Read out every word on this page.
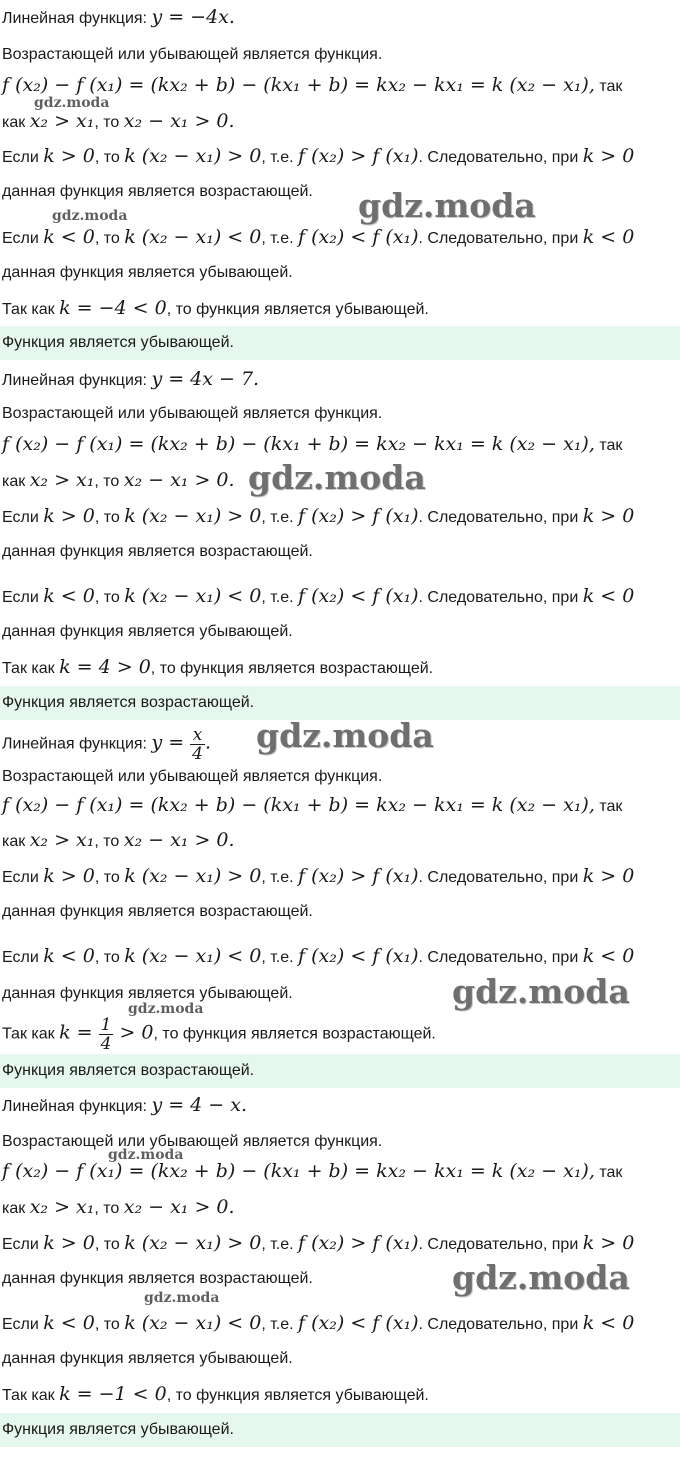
Линейная функция: y = −4x.
Возрастающей или убывающей является функция.
f (x₂) − f (x₁) = (kx₂ + b) − (kx₁ + b) = kx₂ − kx₁ = k (x₂ − x₁), так
как x₂ > x₁, то x₂ − x₁ > 0.
Если k > 0, то k (x₂ − x₁) > 0, т.е. f (x₂) > f (x₁). Следовательно, при k > 0
данная функция является возрастающей.
Если k < 0, то k (x₂ − x₁) < 0, т.е. f (x₂) < f (x₁). Следовательно, при k < 0
данная функция является убывающей.
Так как k = −4 < 0, то функция является убывающей.
Функция является убывающей.
Линейная функция: y = 4x − 7.
Возрастающей или убывающей является функция.
f (x₂) − f (x₁) = (kx₂ + b) − (kx₁ + b) = kx₂ − kx₁ = k (x₂ − x₁), так
как x₂ > x₁, то x₂ − x₁ > 0.
Если k > 0, то k (x₂ − x₁) > 0, т.е. f (x₂) > f (x₁). Следовательно, при k > 0
данная функция является возрастающей.
Если k < 0, то k (x₂ − x₁) < 0, т.е. f (x₂) < f (x₁). Следовательно, при k < 0
данная функция является убывающей.
Так как k = 4 > 0, то функция является возрастающей.
Функция является возрастающей.
Линейная функция: $y = \frac{x}{4}$ .
Возрастающей или убывающей является функция.
f (x₂) − f (x₁) = (kx₂ + b) − (kx₁ + b) = kx₂ − kx₁ = k (x₂ − x₁), так
как x₂ > x₁, то x₂ − x₁ > 0.
Если k > 0, то k (x₂ − x₁) > 0, т.е. f (x₂) > f (x₁). Следовательно, при k > 0
данная функция является возрастающей.
Если k < 0, то k (x₂ − x₁) < 0, т.е. f (x₂) < f (x₁). Следовательно, при k < 0
данная функция является убывающей.
Так как $k = \frac{1}{4} > 0$, то функция является возрастающей.
Функция является возрастающей.
Линейная функция: y = 4 − x.
Возрастающей или убывающей является функция.
f (x₂) − f (x₁) = (kx₂ + b) − (kx₁ + b) = kx₂ − kx₁ = k (x₂ − x₁), так
как x₂ > x₁, то x₂ − x₁ > 0.
Если k > 0, то k (x₂ − x₁) > 0, т.е. f (x₂) > f (x₁). Следовательно, при k > 0
данная функция является возрастающей.
Если k < 0, то k (x₂ − x₁) < 0, т.е. f (x₂) < f (x₁). Следовательно, при k < 0
данная функция является убывающей.
Так как k = −1 < 0, то функция является убывающей.
Функция является убывающей.
gdz.moda
gdz.moda
gdz.moda
gdz.moda
gdz.moda
gdz.moda
gdz.moda
gdz.moda
gdz.moda
gdz.moda
